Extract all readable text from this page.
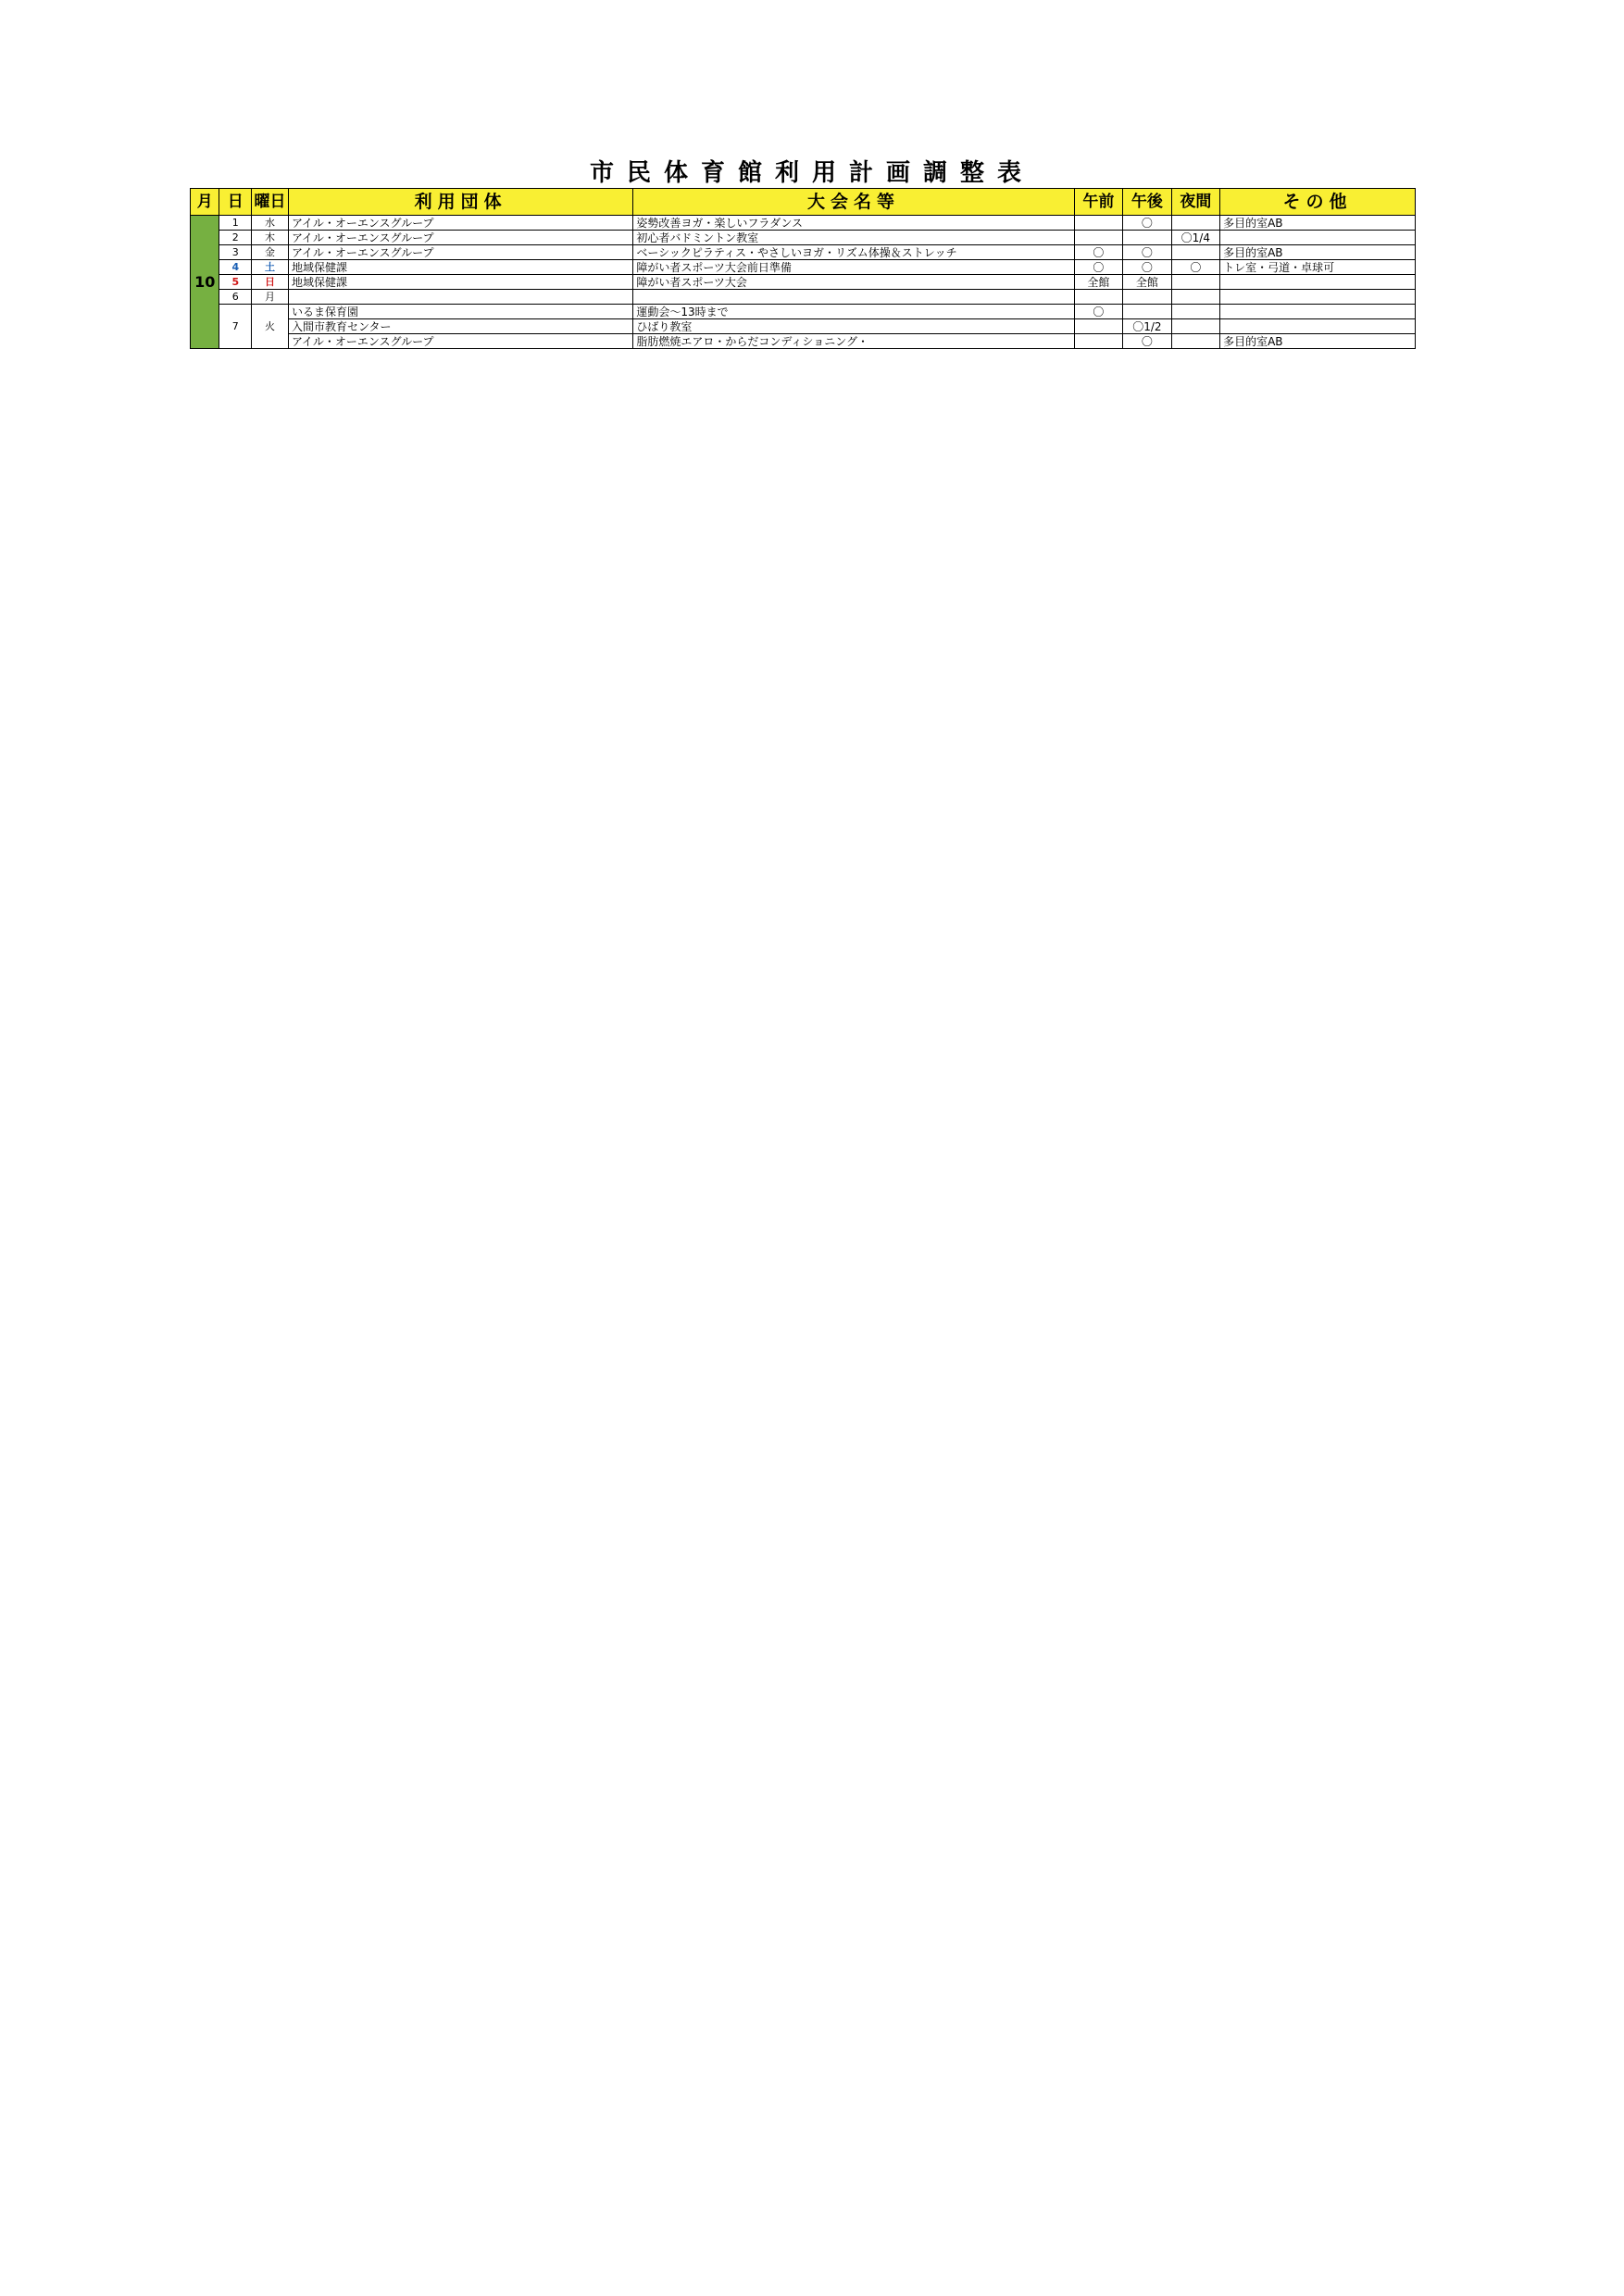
市民体育館利用計画調整表
月	日	曜日	利用団体	大会名等	午前	午後	夜間	その他
10	1	水	アイル・オーエンスグループ	姿勢改善ヨガ・楽しいフラダンス		〇		多目的室AB
	2	木	アイル・オーエンスグループ	初心者バドミントン教室			〇1/4	
	3	金	アイル・オーエンスグループ	ベーシックピラティス・やさしいヨガ・リズム体操＆ストレッチ	〇	〇		多目的室AB
	4	土	地域保健課	障がい者スポーツ大会前日準備	〇	〇	〇	トレ室・弓道・卓球可
	5	日	地域保健課	障がい者スポーツ大会	全館	全館		
	6	月						
	7	火	いるま保育園	運動会～13時まで	〇			
			入間市教育センター	ひばり教室		〇1/2		
			アイル・オーエンスグループ	脂肪燃焼エアロ・からだコンディショニング・		〇		多目的室AB
